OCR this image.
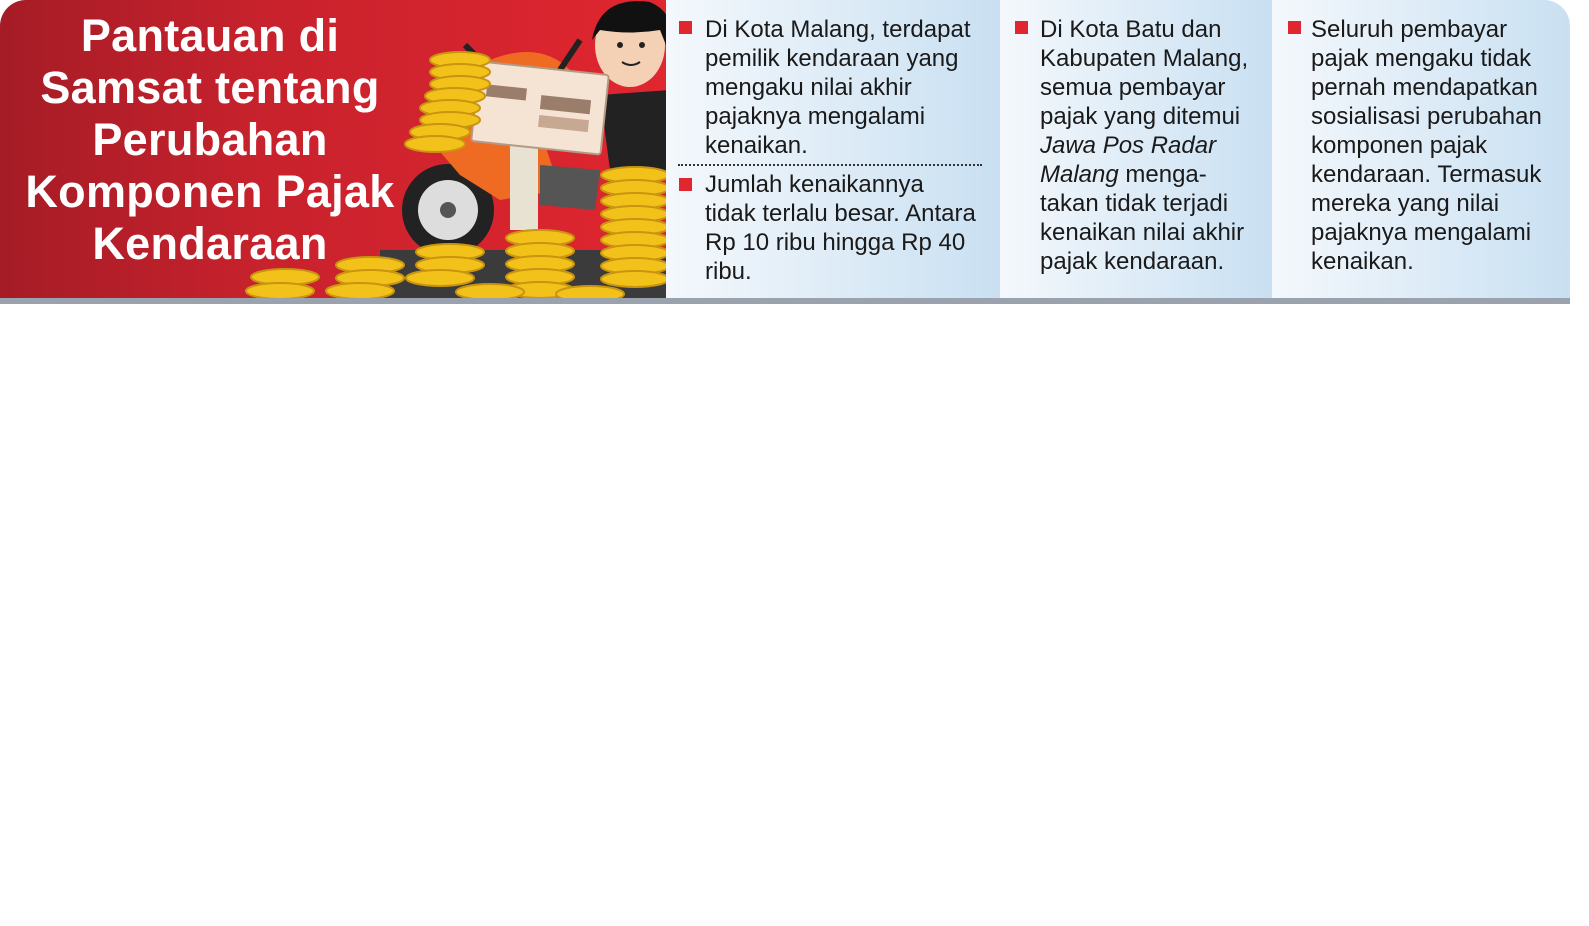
Pantauan di
Samsat tentang
Perubahan
Komponen Pajak
Kendaraan
Di Kota Malang, terdapat pemilik kendaraan yang mengaku nilai akhir pajaknya mengalami kenaikan.
Jumlah kenaikannya tidak terlalu besar. Antara Rp 10 ribu hingga Rp 40 ribu.
Di Kota Batu dan Kabupaten Malang, semua pembayar pajak yang ditemui Jawa Pos Radar Malang menga-takan tidak terjadi kenaikan nilai akhir pajak kendaraan.
Seluruh pembayar pajak mengaku tidak pernah mendapatkan sosialisasi perubahan komponen pajak kendaraan. Termasuk mereka yang nilai pajaknya mengalami kenaikan.
